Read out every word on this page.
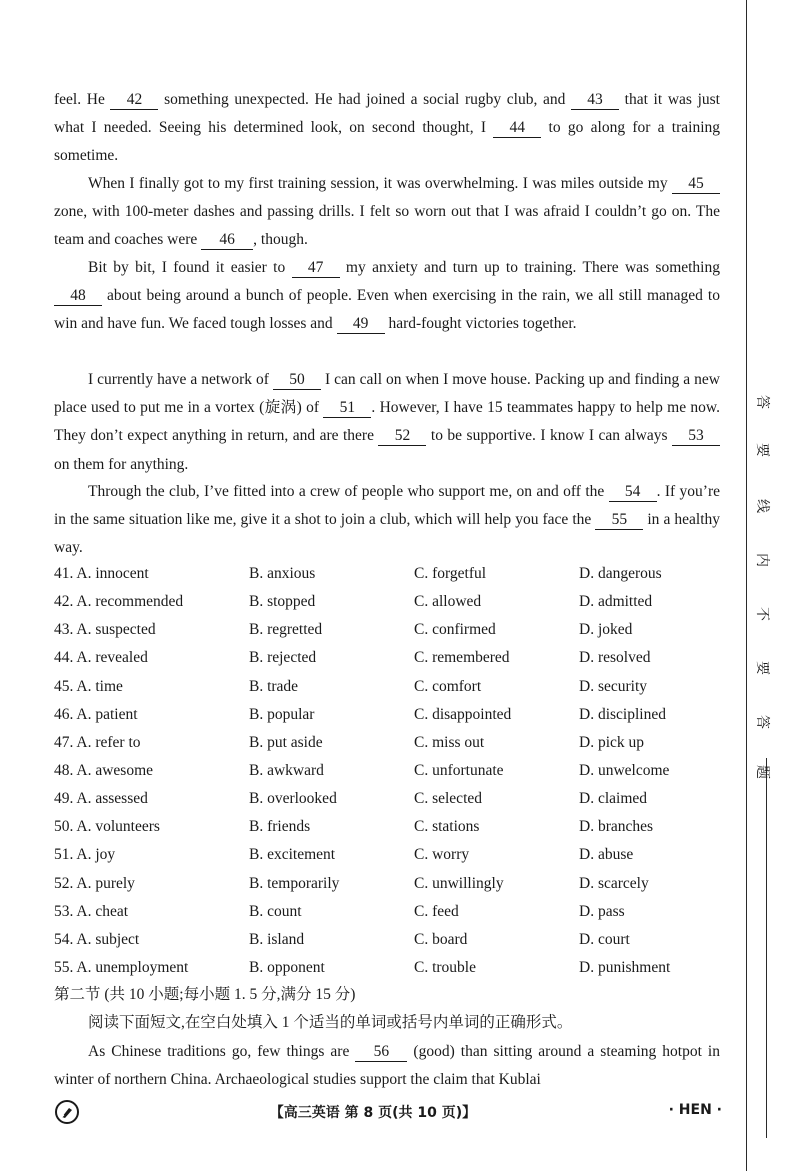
feel. He 42 something unexpected. He had joined a social rugby club, and 43 that it was just what I needed. Seeing his determined look, on second thought, I 44 to go along for a training sometime.
When I finally got to my first training session, it was overwhelming. I was miles outside my 45 zone, with 100-meter dashes and passing drills. I felt so worn out that I was afraid I couldn’t go on. The team and coaches were 46 , though.
Bit by bit, I found it easier to 47 my anxiety and turn up to training. There was something 48 about being around a bunch of people. Even when exercising in the rain, we all still managed to win and have fun. We faced tough losses and 49 hard-fought victories together.
I currently have a network of 50 I can call on when I move house. Packing up and finding a new place used to put me in a vortex (旋涡) of 51 . However, I have 15 teammates happy to help me now. They don’t expect anything in return, and are there 52 to be supportive. I know I can always 53 on them for anything.
Through the club, I’ve fitted into a crew of people who support me, on and off the 54 . If you’re in the same situation like me, give it a shot to join a club, which will help you face the 55 in a healthy way.
41. A. innocent	B. anxious	C. forgetful	D. dangerous
42. A. recommended	B. stopped	C. allowed	D. admitted
43. A. suspected	B. regretted	C. confirmed	D. joked
44. A. revealed	B. rejected	C. remembered	D. resolved
45. A. time	B. trade	C. comfort	D. security
46. A. patient	B. popular	C. disappointed	D. disciplined
47. A. refer to	B. put aside	C. miss out	D. pick up
48. A. awesome	B. awkward	C. unfortunate	D. unwelcome
49. A. assessed	B. overlooked	C. selected	D. claimed
50. A. volunteers	B. friends	C. stations	D. branches
51. A. joy	B. excitement	C. worry	D. abuse
52. A. purely	B. temporarily	C. unwillingly	D. scarcely
53. A. cheat	B. count	C. feed	D. pass
54. A. subject	B. island	C. board	D. court
55. A. unemployment	B. opponent	C. trouble	D. punishment
第二节 (共 10 小题;每小题 1. 5 分,满分 15 分)
阅读下面短文,在空白处填入 1 个适当的单词或括号内单词的正确形式。
As Chinese traditions go, few things are 56 (good) than sitting around a steaming hotpot in winter of northern China. Archaeological studies support the claim that Kublai
答
要
线
内
不
要
答
题
【高三英语 第 8 页(共 10 页)】	· HEN ·
